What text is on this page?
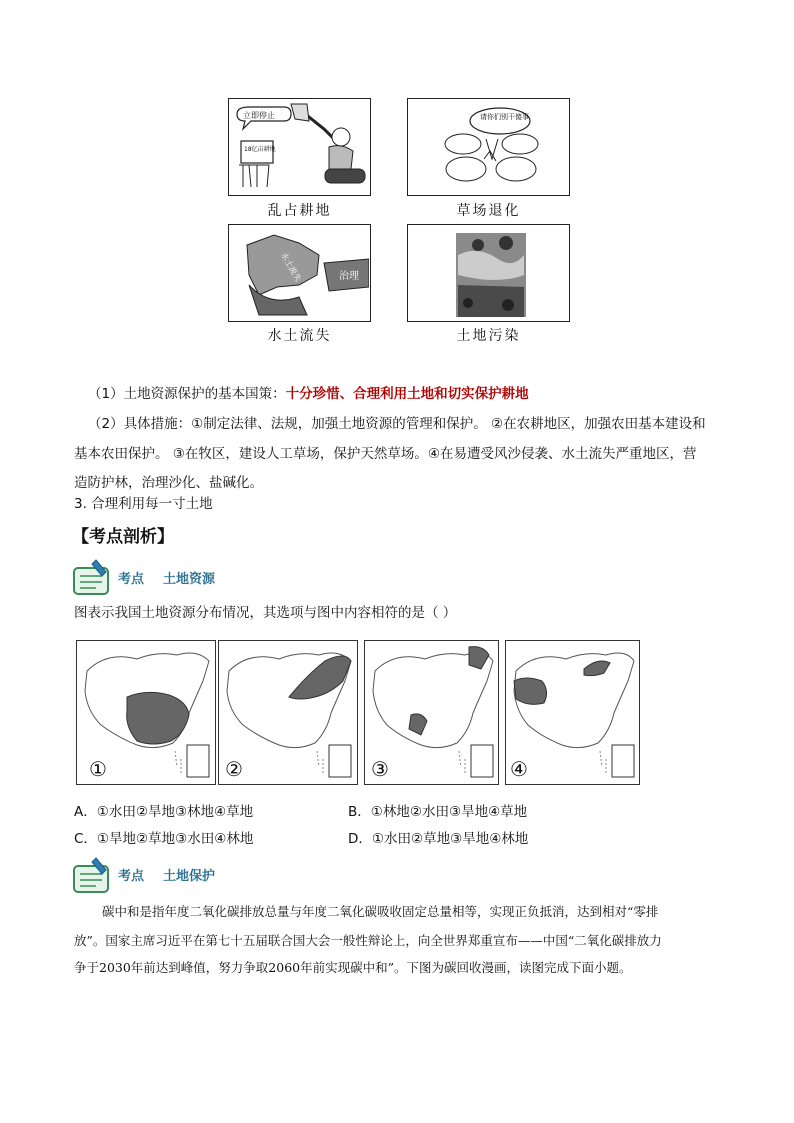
立即停止
18亿亩耕地
乱占耕地
请你们别干傻事
草场退化
水土流失	治理
水土流失	土地污染
（1）土地资源保护的基本国策：十分珍惜、合理利用土地和切实保护耕地
（2）具体措施：①制定法律、法规，加强土地资源的管理和保护。 ②在农耕地区，加强农田基本建设和
基本农田保护。 ③在牧区，建设人工草场，保护天然草场。④在易遭受风沙侵袭、水土流失严重地区，营
造防护林，治理沙化、盐碱化。
3. 合理利用每一寸土地
【考点剖析】
考点 土地资源
图表示我国土地资源分布情况，其选项与图中内容相符的是（ ）
①	②	③	④
A．①水田②旱地③林地④草地	B．①林地②水田③旱地④草地
C．①旱地②草地③水田④林地	D．①水田②草地③旱地④林地
考点 土地保护
碳中和是指年度二氧化碳排放总量与年度二氧化碳吸收固定总量相等，实现正负抵消，达到相对“零排
放”。国家主席习近平在第七十五届联合国大会一般性辩论上，向全世界郑重宣布——中国“二氧化碳排放力
争于2030年前达到峰值，努力争取2060年前实现碳中和”。下图为碳回收漫画，读图完成下面小题。
